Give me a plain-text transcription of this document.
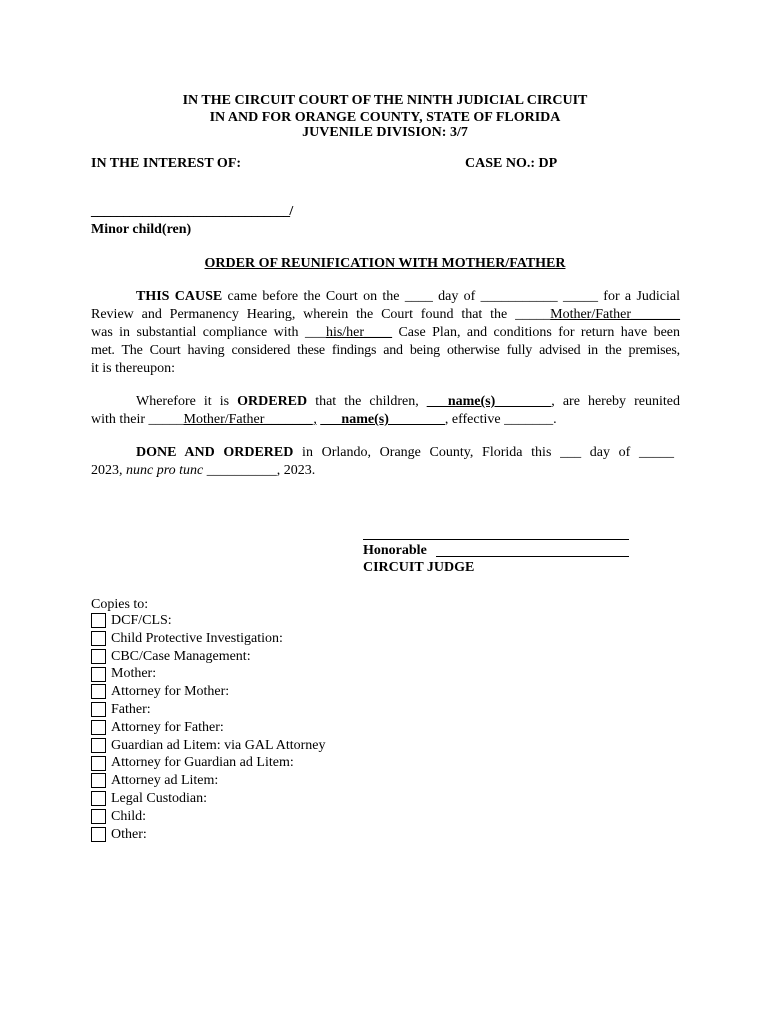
IN THE CIRCUIT COURT OF THE NINTH JUDICIAL CIRCUIT
IN AND FOR ORANGE COUNTY, STATE OF FLORIDA
JUVENILE DIVISION: 3/7
IN THE INTEREST OF:	CASE NO.: DP
_______________________________/
Minor child(ren)
ORDER OF REUNIFICATION WITH MOTHER/FATHER
THIS CAUSE came before the Court on the ____ day of ___________ _____ for a Judicial
Review and Permanency Hearing, wherein the Court found that the _____Mother/Father_______
was in substantial compliance with ___his/her____ Case Plan, and conditions for return have been
met. The Court having considered these findings and being otherwise fully advised in the premises,
it is thereupon:
Wherefore it is ORDERED that the children, ___name(s)________, are hereby reunited
with their _____Mother/Father_______, ___name(s)________, effective _______.
DONE AND ORDERED in Orlando, Orange County, Florida this ___ day of _____
2023, nunc pro tunc __________, 2023.
Honorable
CIRCUIT JUDGE
Copies to:
DCF/CLS:
Child Protective Investigation:
CBC/Case Management:
Mother:
Attorney for Mother:
Father:
Attorney for Father:
Guardian ad Litem: via GAL Attorney
Attorney for Guardian ad Litem:
Attorney ad Litem:
Legal Custodian:
Child:
Other:
